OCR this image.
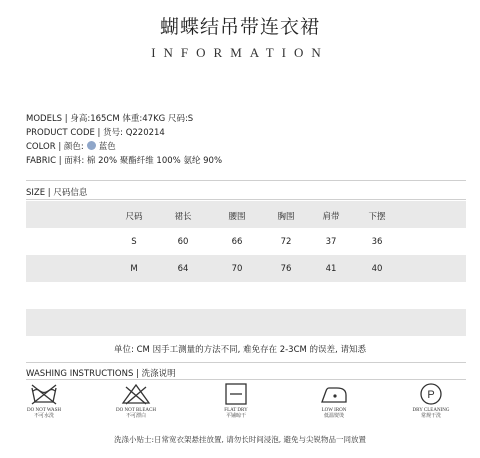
蝴蝶结吊带连衣裙
INFORMATION
MODELS | 身高:165CM 体重:47KG 尺码:S
PRODUCT CODE | 货号: Q220214
COLOR | 颜色: 蓝色
FABRIC | 面料: 棉 20% 聚酯纤维 100% 氨纶 90%
SIZE | 尺码信息
尺码	裙长	腰围	胸围	肩带	下摆
S	60	66	72	37	36
M	64	70	76	41	40
单位: CM 因手工测量的方法不同, 难免存在 2-3CM 的误差, 请知悉
WASHING INSTRUCTIONS | 洗涤说明
DO NOT WASH
不可水洗
DO NOT BLEACH
不可漂白
FLAT DRY
平铺晾干
LOW IRON
低温熨烫
P
DRY CLEANING
常规干洗
洗涤小贴士:日常宽衣架悬挂放置, 请勿长时间浸泡, 避免与尖锐物品一同放置
